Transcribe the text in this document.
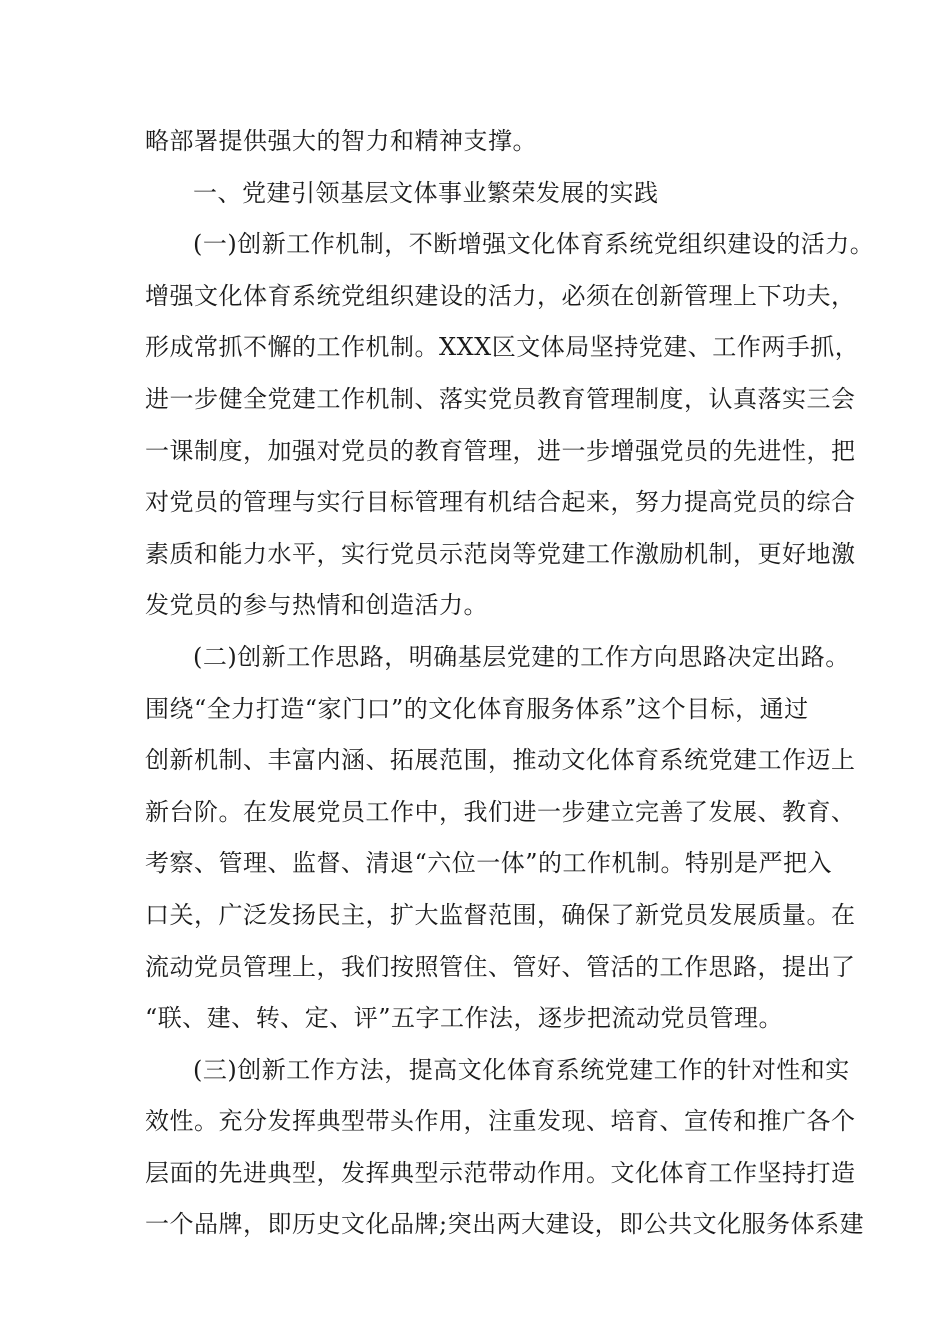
略部署提供强大的智力和精神支撑。
一、党建引领基层文体事业繁荣发展的实践
(一)创新工作机制，不断增强文化体育系统党组织建设的活力。
增强文化体育系统党组织建设的活力，必须在创新管理上下功夫，
形成常抓不懈的工作机制。XXX区文体局坚持党建、工作两手抓，
进一步健全党建工作机制、落实党员教育管理制度，认真落实三会
一课制度，加强对党员的教育管理，进一步增强党员的先进性，把
对党员的管理与实行目标管理有机结合起来，努力提高党员的综合
素质和能力水平，实行党员示范岗等党建工作激励机制，更好地激
发党员的参与热情和创造活力。
(二)创新工作思路，明确基层党建的工作方向思路决定出路。
围绕“全力打造“家门口”的文化体育服务体系”这个目标，通过
创新机制、丰富内涵、拓展范围，推动文化体育系统党建工作迈上
新台阶。在发展党员工作中，我们进一步建立完善了发展、教育、
考察、管理、监督、清退“六位一体”的工作机制。特别是严把入
口关，广泛发扬民主，扩大监督范围，确保了新党员发展质量。在
流动党员管理上，我们按照管住、管好、管活的工作思路，提出了
“联、建、转、定、评”五字工作法，逐步把流动党员管理。
(三)创新工作方法，提高文化体育系统党建工作的针对性和实
效性。充分发挥典型带头作用，注重发现、培育、宣传和推广各个
层面的先进典型，发挥典型示范带动作用。文化体育工作坚持打造
一个品牌，即历史文化品牌;突出两大建设，即公共文化服务体系建
